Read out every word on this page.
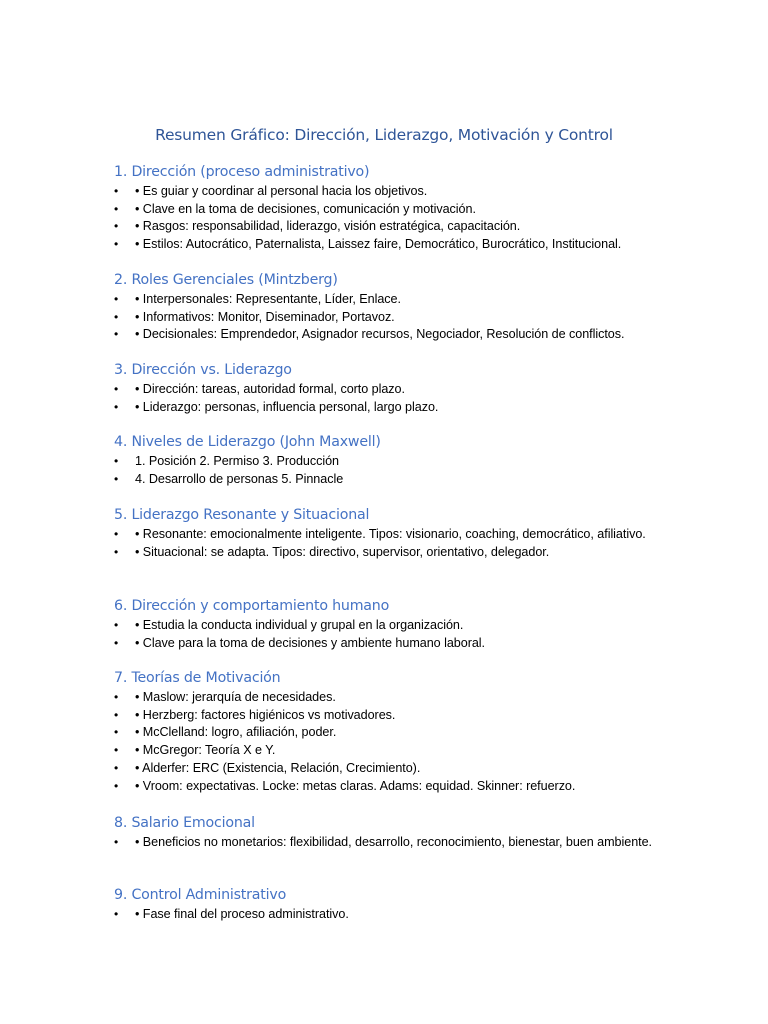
Resumen Gráfico: Dirección, Liderazgo, Motivación y Control
1. Dirección (proceso administrativo)
• • Es guiar y coordinar al personal hacia los objetivos.
• • Clave en la toma de decisiones, comunicación y motivación.
• • Rasgos: responsabilidad, liderazgo, visión estratégica, capacitación.
• • Estilos: Autocrático, Paternalista, Laissez faire, Democrático, Burocrático, Institucional.
2. Roles Gerenciales (Mintzberg)
• • Interpersonales: Representante, Líder, Enlace.
• • Informativos: Monitor, Diseminador, Portavoz.
• • Decisionales: Emprendedor, Asignador recursos, Negociador, Resolución de conflictos.
3. Dirección vs. Liderazgo
• • Dirección: tareas, autoridad formal, corto plazo.
• • Liderazgo: personas, influencia personal, largo plazo.
4. Niveles de Liderazgo (John Maxwell)
• 1. Posición 2. Permiso 3. Producción
• 4. Desarrollo de personas 5. Pinnacle
5. Liderazgo Resonante y Situacional
• • Resonante: emocionalmente inteligente. Tipos: visionario, coaching, democrático, afiliativo.
• • Situacional: se adapta. Tipos: directivo, supervisor, orientativo, delegador.
6. Dirección y comportamiento humano
• • Estudia la conducta individual y grupal en la organización.
• • Clave para la toma de decisiones y ambiente humano laboral.
7. Teorías de Motivación
• • Maslow: jerarquía de necesidades.
• • Herzberg: factores higiénicos vs motivadores.
• • McClelland: logro, afiliación, poder.
• • McGregor: Teoría X e Y.
• • Alderfer: ERC (Existencia, Relación, Crecimiento).
• • Vroom: expectativas. Locke: metas claras. Adams: equidad. Skinner: refuerzo.
8. Salario Emocional
• • Beneficios no monetarios: flexibilidad, desarrollo, reconocimiento, bienestar, buen ambiente.
9. Control Administrativo
• • Fase final del proceso administrativo.
